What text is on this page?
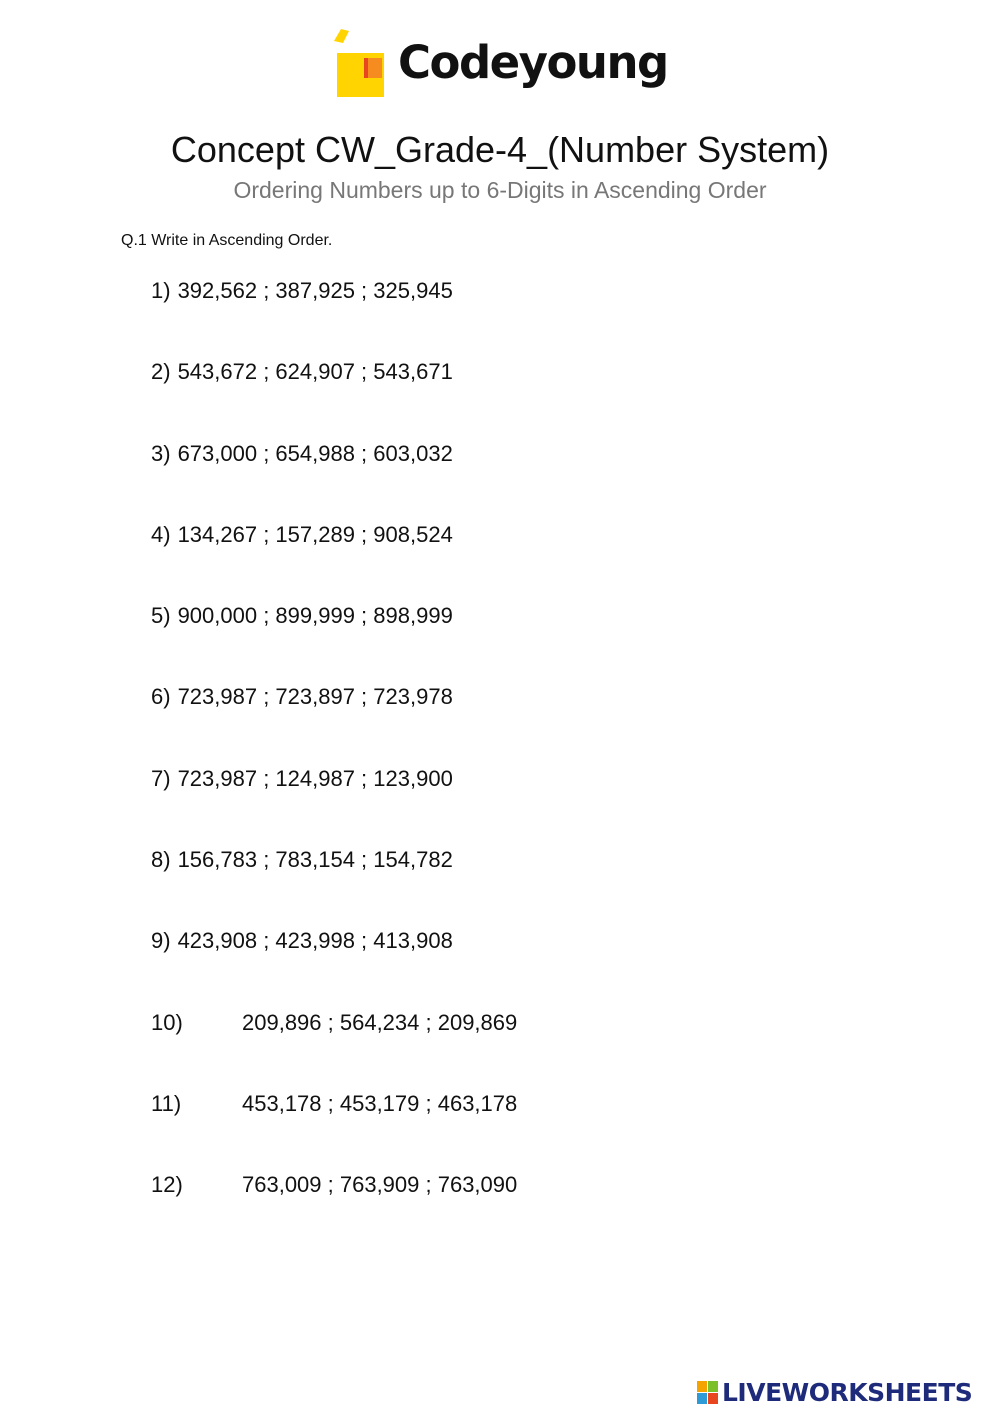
Codeyoung
Concept CW_Grade-4_(Number System)
Ordering Numbers up to 6-Digits in Ascending Order
Q.1 Write in Ascending Order.
1) 392,562 ; 387,925 ; 325,945
2) 543,672 ; 624,907 ; 543,671
3) 673,000 ; 654,988 ; 603,032
4) 134,267 ; 157,289 ; 908,524
5) 900,000 ; 899,999 ; 898,999
6) 723,987 ; 723,897 ; 723,978
7) 723,987 ; 124,987 ; 123,900
8) 156,783 ; 783,154 ; 154,782
9) 423,908 ; 423,998 ; 413,908
10)	209,896 ; 564,234 ; 209,869
11)	453,178 ; 453,179 ; 463,178
12)	763,009 ; 763,909 ; 763,090
LIVEWORKSHEETS
